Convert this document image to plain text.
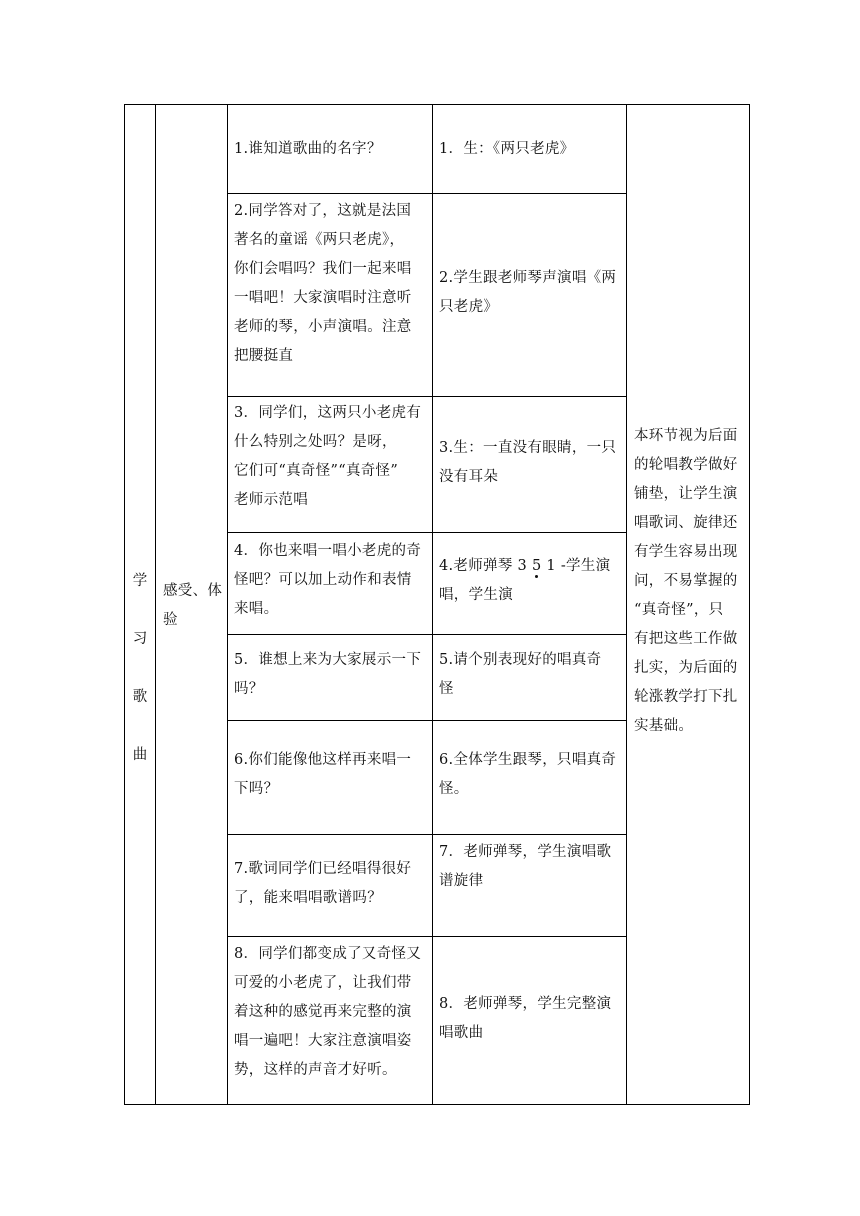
学

习

歌

曲

感受、体
验
1.谁知道歌曲的名字？	1．生：《两只老虎》
2.同学答对了，这就是法国
著名的童谣《两只老虎》，
你们会唱吗？我们一起来唱
一唱吧！大家演唱时注意听
老师的琴，小声演唱。注意
把腰挺直
2.学生跟老师琴声演唱《两
只老虎》
3．同学们，这两只小老虎有
什么特别之处吗？是呀，
它们可“真奇怪”“真奇怪”
老师示范唱
3.生：一直没有眼睛，一只
没有耳朵
4．你也来唱一唱小老虎的奇
怪吧？可以加上动作和表情
来唱。
4.老师弹琴 3 5 1 -学生演
唱，学生演
5．谁想上来为大家展示一下
吗？
5.请个别表现好的唱真奇
怪
6.你们能像他这样再来唱一
下吗？
6.全体学生跟琴，只唱真奇
怪。
7.歌词同学们已经唱得很好
了，能来唱唱歌谱吗？
7．老师弹琴，学生演唱歌
谱旋律
8．同学们都变成了又奇怪又
可爱的小老虎了，让我们带
着这种的感觉再来完整的演
唱一遍吧！大家注意演唱姿
势，这样的声音才好听。
8．老师弹琴，学生完整演
唱歌曲
本环节视为后面
的轮唱教学做好
铺垫，让学生演
唱歌词、旋律还
有学生容易出现
问，不易掌握的
“真奇怪”，只
有把这些工作做
扎实，为后面的
轮涨教学打下扎
实基础。
